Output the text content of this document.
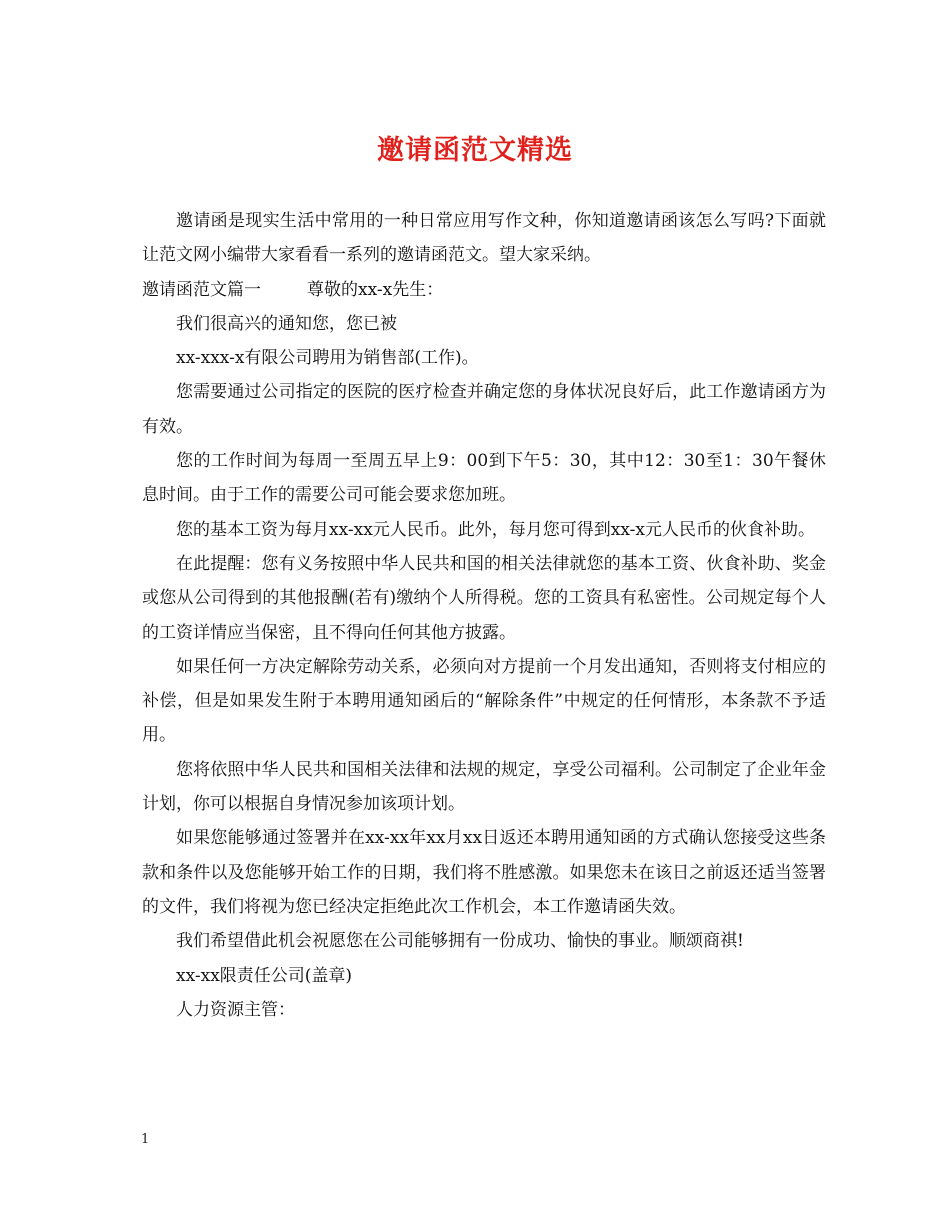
邀请函范文精选

邀请函是现实生活中常用的一种日常应用写作文种，你知道邀请函该怎么写吗?下面就让范文网小编带大家看看一系列的邀请函范文。望大家采纳。

邀请函范文篇一	尊敬的xx-x先生：

我们很高兴的通知您，您已被

xx-xxx-x有限公司聘用为销售部(工作)。

您需要通过公司指定的医院的医疗检查并确定您的身体状况良好后，此工作邀请函方为有效。

您的工作时间为每周一至周五早上9：00到下午5：30，其中12：30至1：30午餐休息时间。由于工作的需要公司可能会要求您加班。

您的基本工资为每月xx-xx元人民币。此外，每月您可得到xx-x元人民币的伙食补助。

在此提醒：您有义务按照中华人民共和国的相关法律就您的基本工资、伙食补助、奖金或您从公司得到的其他报酬(若有)缴纳个人所得税。您的工资具有私密性。公司规定每个人的工资详情应当保密，且不得向任何其他方披露。

如果任何一方决定解除劳动关系，必须向对方提前一个月发出通知，否则将支付相应的补偿，但是如果发生附于本聘用通知函后的“解除条件”中规定的任何情形，本条款不予适用。

您将依照中华人民共和国相关法律和法规的规定，享受公司福利。公司制定了企业年金计划，你可以根据自身情况参加该项计划。

如果您能够通过签署并在xx-xx年xx月xx日返还本聘用通知函的方式确认您接受这些条款和条件以及您能够开始工作的日期，我们将不胜感激。如果您未在该日之前返还适当签署的文件，我们将视为您已经决定拒绝此次工作机会，本工作邀请函失效。

我们希望借此机会祝愿您在公司能够拥有一份成功、愉快的事业。顺颂商祺!

xx-xx限责任公司(盖章)

人力资源主管：

1
